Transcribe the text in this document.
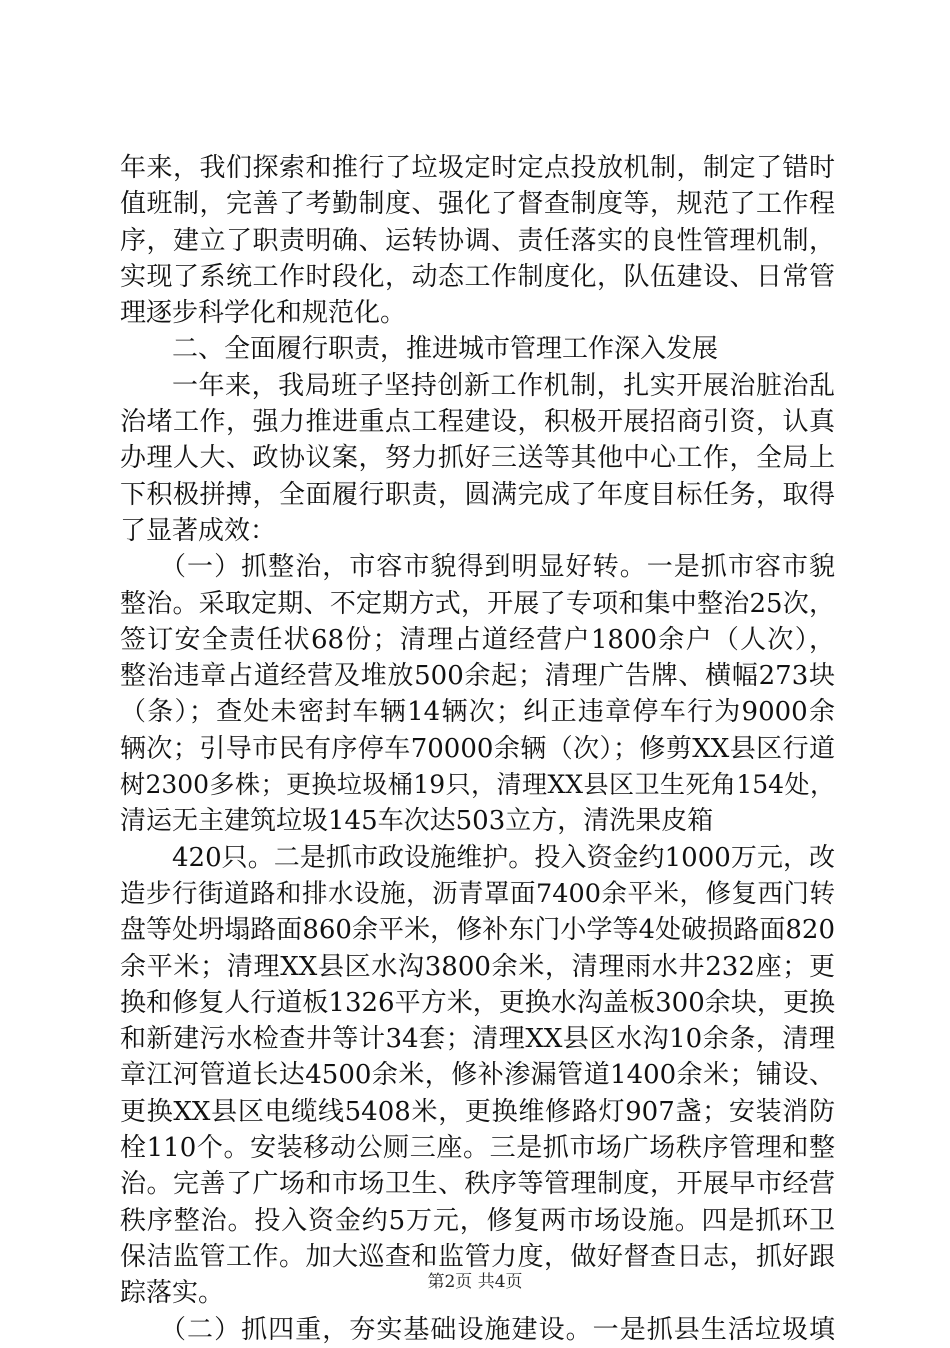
年来，我们探索和推行了垃圾定时定点投放机制，制定了错时
值班制，完善了考勤制度、强化了督查制度等，规范了工作程
序，建立了职责明确、运转协调、责任落实的良性管理机制，
实现了系统工作时段化，动态工作制度化，队伍建设、日常管
理逐步科学化和规范化。
二、全面履行职责，推进城市管理工作深入发展
一年来，我局班子坚持创新工作机制，扎实开展治脏治乱
治堵工作，强力推进重点工程建设，积极开展招商引资，认真
办理人大、政协议案，努力抓好三送等其他中心工作，全局上
下积极拼搏，全面履行职责，圆满完成了年度目标任务，取得
了显著成效：
（一）抓整治，市容市貌得到明显好转。一是抓市容市貌
整治。采取定期、不定期方式，开展了专项和集中整治25次，
签订安全责任状68份；清理占道经营户1800余户（人次），
整治违章占道经营及堆放500余起；清理广告牌、横幅273块
（条）；查处未密封车辆14辆次；纠正违章停车行为9000余
辆次；引导市民有序停车70000余辆（次）；修剪XX县区行道
树2300多株；更换垃圾桶19只，清理XX县区卫生死角154处，
清运无主建筑垃圾145车次达503立方，清洗果皮箱
420只。二是抓市政设施维护。投入资金约1000万元，改
造步行街道路和排水设施，沥青罩面7400余平米，修复西门转
盘等处坍塌路面860余平米，修补东门小学等4处破损路面820
余平米；清理XX县区水沟3800余米，清理雨水井232座；更
换和修复人行道板1326平方米，更换水沟盖板300余块，更换
和新建污水检查井等计34套；清理XX县区水沟10余条，清理
章江河管道长达4500余米，修补渗漏管道1400余米；铺设、
更换XX县区电缆线5408米，更换维修路灯907盏；安装消防
栓110个。安装移动公厕三座。三是抓市场广场秩序管理和整
治。完善了广场和市场卫生、秩序等管理制度，开展早市经营
秩序整治。投入资金约5万元，修复两市场设施。四是抓环卫
保洁监管工作。加大巡查和监管力度，做好督查日志，抓好跟
踪落实。
（二）抓四重，夯实基础设施建设。一是抓县生活垃圾填
第2页 共4页
